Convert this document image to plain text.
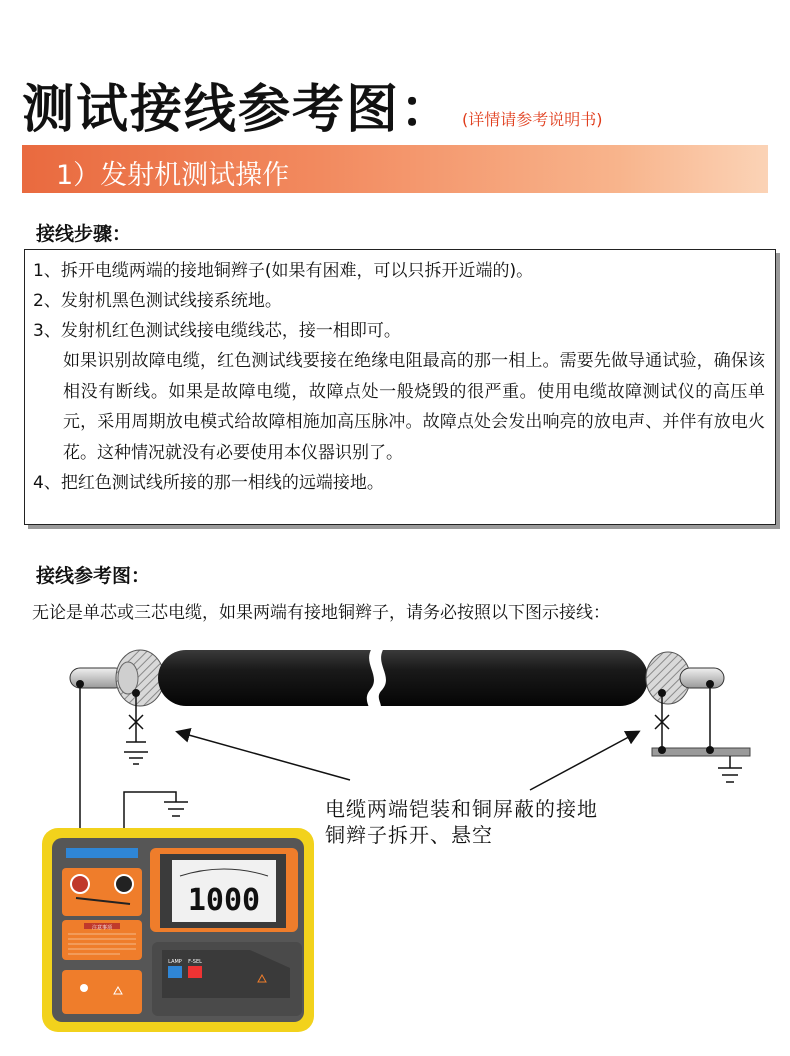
测试接线参考图： (详情请参考说明书)
1）发射机测试操作
接线步骤：
1、拆开电缆两端的接地铜辫子(如果有困难，可以只拆开近端的)。
2、发射机黑色测试线接系统地。
3、发射机红色测试线接电缆线芯，接一相即可。
如果识别故障电缆，红色测试线要接在绝缘电阻最高的那一相上。需要先做导通试验，确保该相没有断线。如果是故障电缆，故障点处一般烧毁的很严重。使用电缆故障测试仪的高压单元，采用周期放电模式给故障相施加高压脉冲。故障点处会发出响亮的放电声、并伴有放电火花。这种情况就没有必要使用本仪器识别了。
4、把红色测试线所接的那一相线的远端接地。
接线参考图：
无论是单芯或三芯电缆，如果两端有接地铜辫子，请务必按照以下图示接线：
1000
注意事项
LAMP F-SEL
电缆两端铠装和铜屏蔽的接地
铜辫子拆开、悬空
